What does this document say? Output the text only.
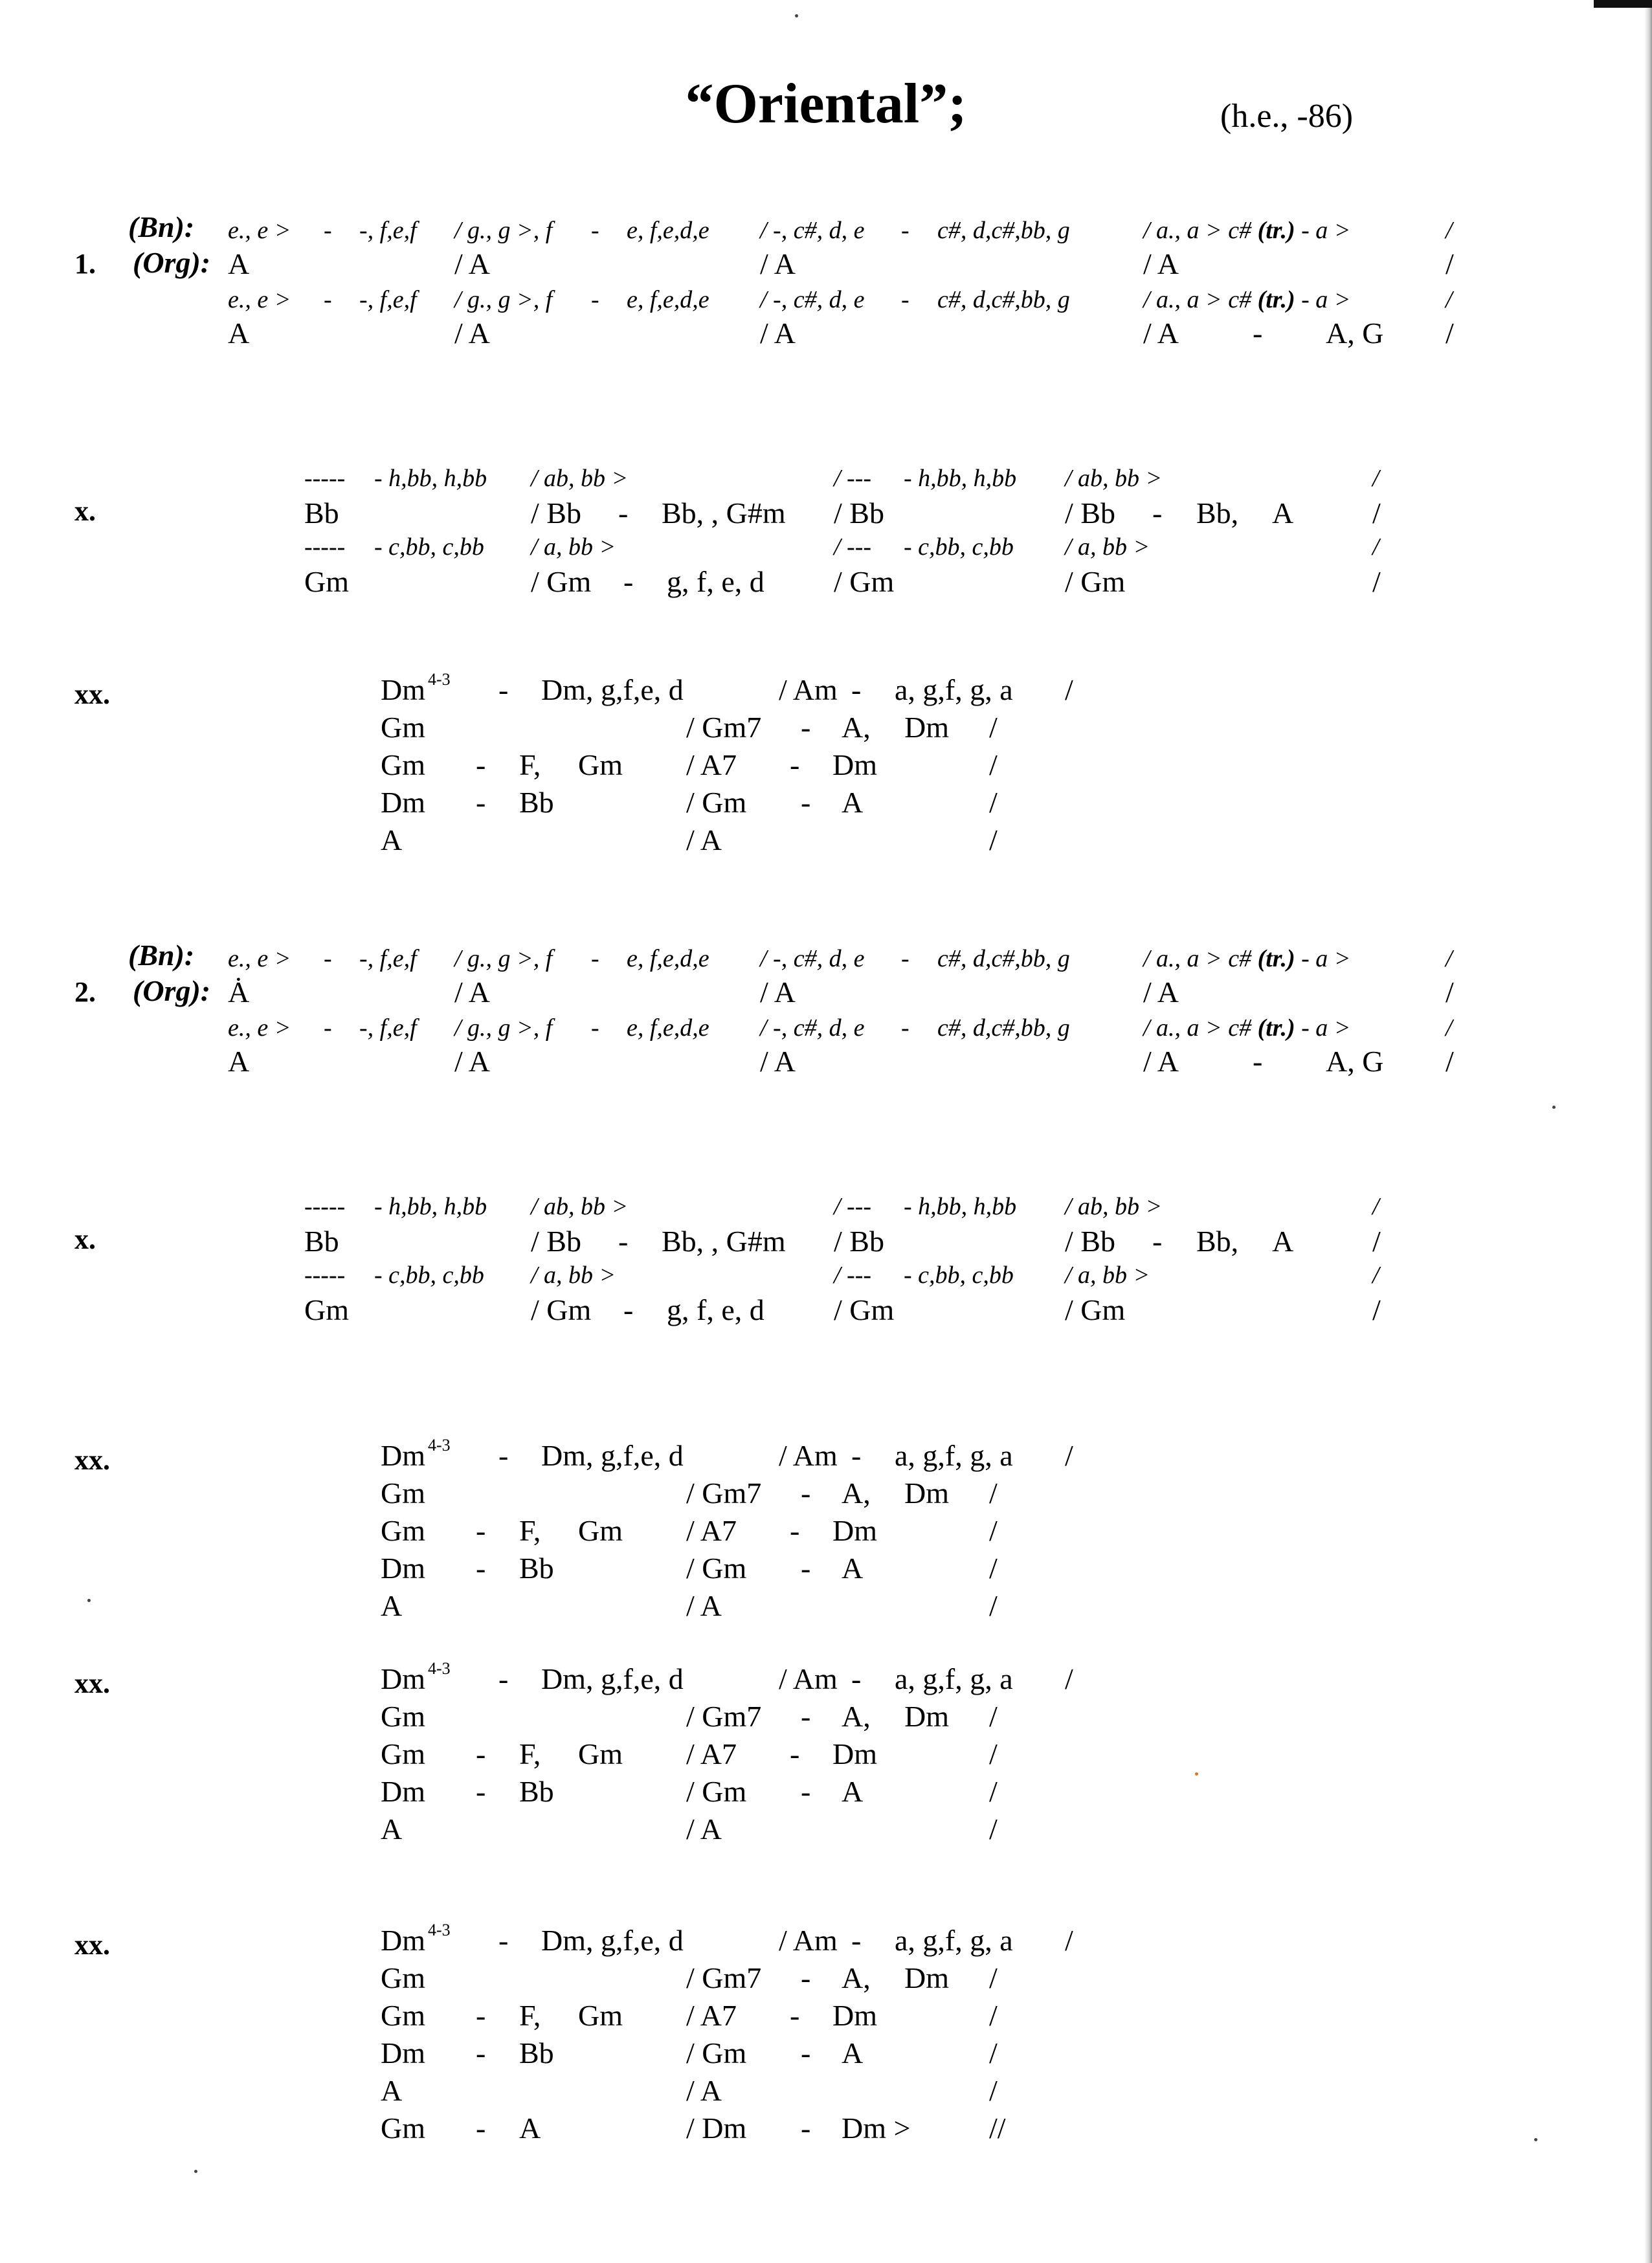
“Oriental”;	(h.e., -86)
(Bn):
1. (Org):
e., e > - -, f,e,f / g., g >, f - e, f,e,d,e / -, c#, d, e - c#, d,c#,bb, g	/ a., a > c# (tr.) - a >	/
A	/ A	/ A	/ A	/
e., e > - -, f,e,f / g., g >, f - e, f,e,d,e / -, c#, d, e - c#, d,c#,bb, g	/ a., a > c# (tr.) - a >	/
A	/ A	/ A	/ A - A, G /
x.
----- - h,bb, h,bb / ab, bb >	/ --- - h,bb, h,bb / ab, bb >	/
Bb	/ Bb - Bb, , G#m / Bb	/ Bb - Bb, A	/
----- - c,bb, c,bb / a, bb >	/ --- - c,bb, c,bb / a, bb >	/
Gm	/ Gm - g, f, e, d / Gm	/ Gm	/
xx.	Dm $^{4-3}$ - Dm, g,f,e, d	/ Am - a, g,f, g, a /
Gm	/ Gm7 - A, Dm /
Gm - F, Gm / A7 - Dm	/
Dm - Bb	/ Gm - A	/
A	/ A	/
(Bn):
2. (Org):
e., e > - -, f,e,f / g., g >, f - e, f,e,d,e / -, c#, d, e - c#, d,c#,bb, g	/ a., a > c# (tr.) - a >	/
Ȧ	/ A	/ A	/ A	/
e., e > - -, f,e,f / g., g >, f - e, f,e,d,e / -, c#, d, e - c#, d,c#,bb, g	/ a., a > c# (tr.) - a >	/
A	/ A	/ A	/ A - A, G /
x.
----- - h,bb, h,bb / ab, bb >	/ --- - h,bb, h,bb / ab, bb >	/
Bb	/ Bb - Bb, , G#m / Bb	/ Bb - Bb, A	/
----- - c,bb, c,bb / a, bb >	/ --- - c,bb, c,bb / a, bb >	/
Gm	/ Gm - g, f, e, d / Gm	/ Gm	/
xx.	Dm $^{4-3}$ - Dm, g,f,e, d	/ Am - a, g,f, g, a /
Gm	/ Gm7 - A, Dm /
Gm - F, Gm / A7 - Dm	/
Dm - Bb	/ Gm - A	/
A	/ A	/
xx.	Dm $^{4-3}$ - Dm, g,f,e, d	/ Am - a, g,f, g, a /
Gm	/ Gm7 - A, Dm /
Gm - F, Gm / A7 - Dm	/
Dm - Bb	/ Gm - A	/
A	/ A	/
xx.	Dm $^{4-3}$ - Dm, g,f,e, d	/ Am - a, g,f, g, a /
Gm	/ Gm7 - A, Dm /
Gm - F, Gm / A7 - Dm	/
Dm - Bb	/ Gm - A	/
A	/ A	/
Gm - A	/ Dm - Dm >	//
